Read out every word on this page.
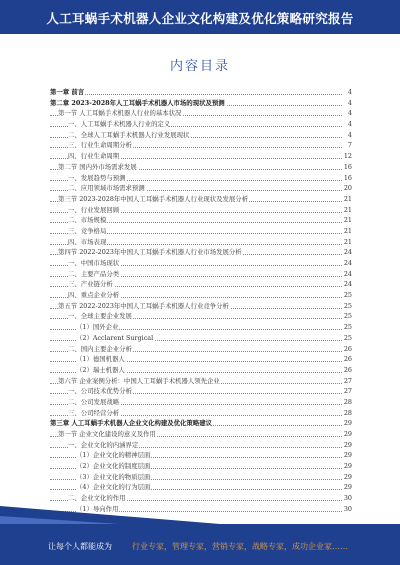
人工耳蜗手术机器人企业文化构建及优化策略研究报告
内容目录
第一章 前言	4
第二章 2023-2028年人工耳蜗手术机器人市场的现状及预测	4
第一节 人工耳蜗手术机器人行业的基本状况	4
一、人工耳蜗手术机器人行业的定义	4
二、全球人工耳蜗手术机器人行业发展现状	4
三、行业生命周期分析	7
四、行业生命周期	12
第二节 国内外市场需求发展	16
一、发展趋势与预测	16
二、应用领域市场需求预测	20
第三节 2023-2028年中国人工耳蜗手术机器人行业现状及发展分析	21
一、行业发展回顾	21
二、市场规模	21
三、竞争格局	21
四、市场表现	21
第四节 2022-2023年中国人工耳蜗手术机器人行业市场发展分析	24
一、中国市场现状	24
二、主要产品分类	24
三、产业链分析	24
四、重点企业分析	25
第五节 2022-2023年中国人工耳蜗手术机器人行业竞争分析	25
一、全球主要企业发展	25
（1）国外企业	25
（2）Acclarent Surgical	25
二、国内主要企业分析	26
（1）德国机器人	26
（2）瑞士机器人	26
第六节 企业案例分析：中国人工耳蜗手术机器人领先企业	27
一、公司技术优势分析	27
二、公司发展战略	28
三、公司经营分析	28
第三章 人工耳蜗手术机器人企业文化构建及优化策略建议	29
第一节 企业文化建设的意义及作用	29
一、企业文化的内涵界定	29
（1）企业文化的精神层面	29
（2）企业文化的制度层面	29
（3）企业文化的物质层面	29
（4）企业文化的行为层面	29
二、企业文化的作用	30
（1）导向作用	30
让每个人都能成为	行业专家，管理专家，营销专家，战略专家，成功企业家……
